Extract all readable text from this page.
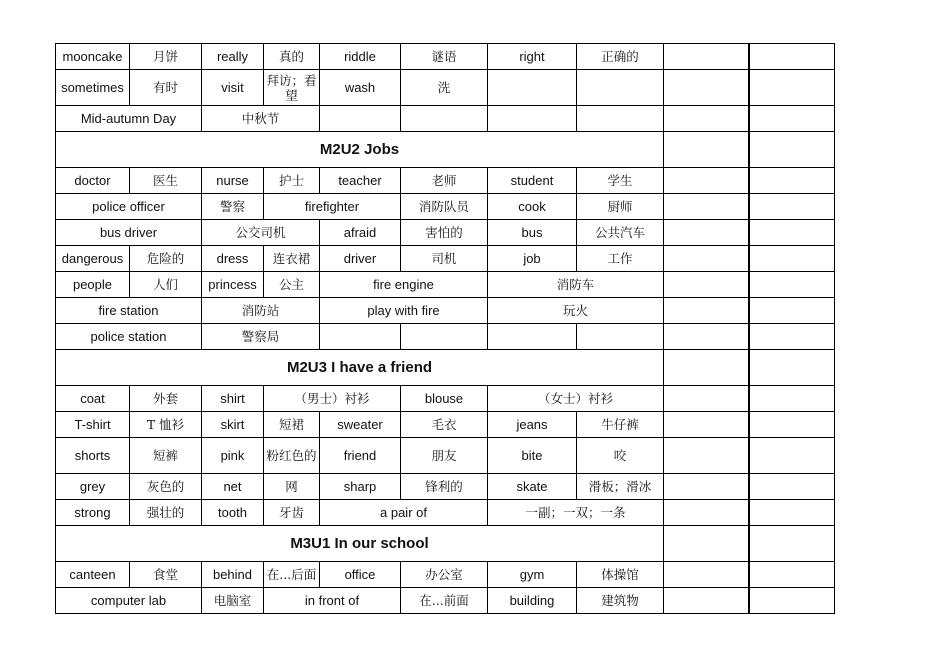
mooncake	月饼	really	真的	riddle	谜语	right	正确的		
sometimes	有时	visit	拜访；看望	wash	洗				
Mid-autumn Day		中秋节							
M2U2 Jobs									
doctor	医生	nurse	护士	teacher	老师	student	学生		
police officer		警察	firefighter		消防队员	cook	厨师		
bus driver		公交司机		afraid	害怕的	bus	公共汽车		
dangerous	危险的	dress	连衣裙	driver	司机	job	工作		
people	人们	princess	公主	fire engine		消防车			
fire station		消防站		play with fire		玩火			
police station		警察局							
M2U3 I have a friend									
coat	外套	shirt	（男士）衬衫		blouse	（女士）衬衫			
T-shirt	T 恤衫	skirt	短裙	sweater	毛衣	jeans	牛仔裤		
shorts	短裤	pink	粉红色的	friend	朋友	bite	咬		
grey	灰色的	net	网	sharp	锋利的	skate	滑板；滑冰		
strong	强壮的	tooth	牙齿	a pair of		一副；一双；一条			
M3U1 In our school									
canteen	食堂	behind	在...后面	office	办公室	gym	体操馆		
computer lab		电脑室	in front of		在...前面	building	建筑物		
